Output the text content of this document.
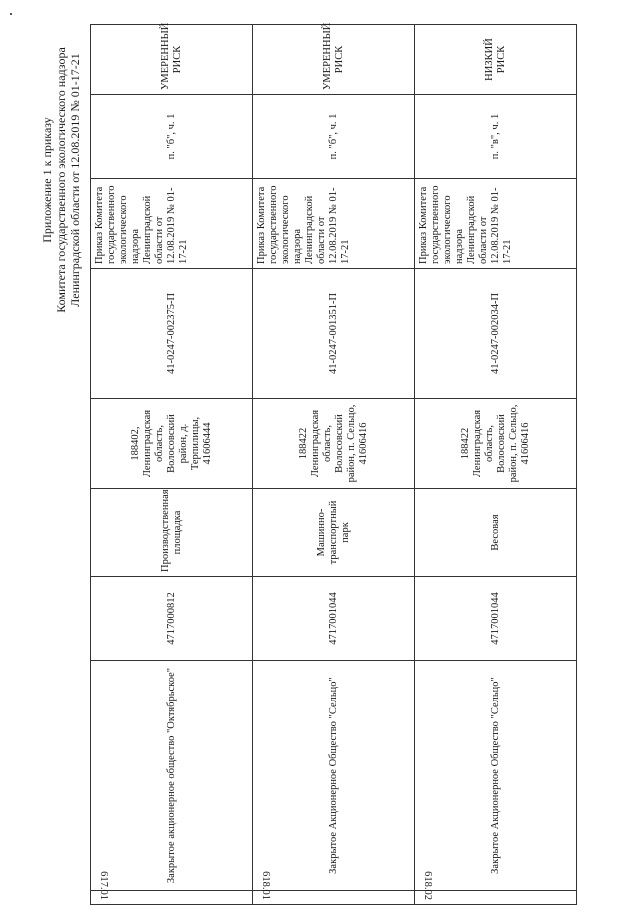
Приложение 1 к приказу Комитета государственного экологического надзора Ленинградской области от 12.08.2019 № 01-17-21
617.01	Закрытое акционерное общество "Октябрьское"	4717000812	Производственная площадка	188402, Ленинградская область, Волосовский район, д. Терпилицы, 41606444	41-0247-002375-П	Приказ Комитета государственного экологического надзора Ленинградской области от 12.08.2019 № 01-17-21	п. "б", ч. 1	УМЕРЕННЫЙ РИСК
618.01	Закрытое Акционерное Общество "Сельцо"	4717001044	Машинно-транспортный парк	188422 Ленинградская область, Волосовский район, п. Сельцо, 41606416	41-0247-001351-П	Приказ Комитета государственного экологического надзора Ленинградской области от 12.08.2019 № 01-17-21	п. "б", ч. 1	УМЕРЕННЫЙ РИСК
618.02	Закрытое Акционерное Общество "Сельцо"	4717001044	Весовая	188422 Ленинградская область, Волосовский район, п. Сельцо, 41606416	41-0247-002034-П	Приказ Комитета государственного экологического надзора Ленинградской области от 12.08.2019 № 01-17-21	п. "в", ч. 1	НИЗКИЙ РИСК
